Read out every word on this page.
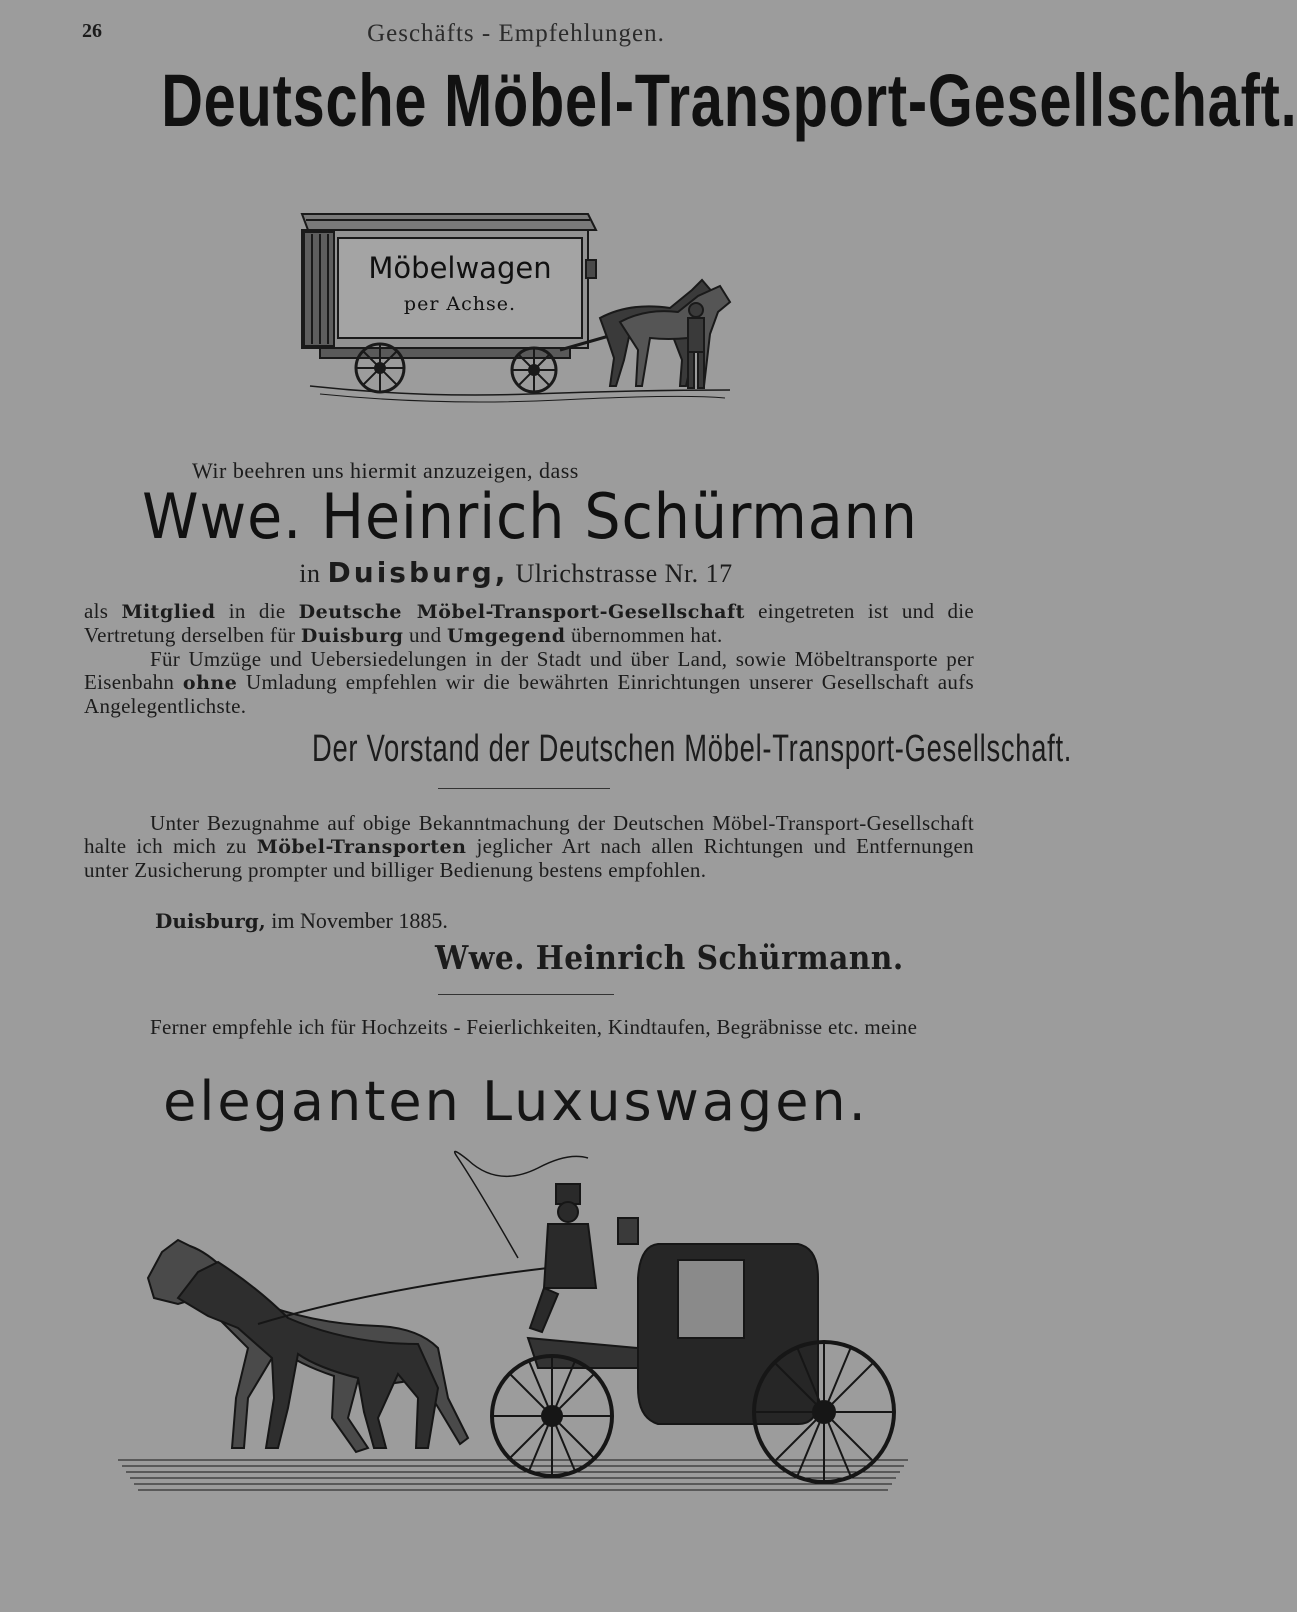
26	Geschäfts - Empfehlungen.
Deutsche Möbel-Transport-Gesellschaft.
Möbelwagen
per Achse.
Wir beehren uns hiermit anzuzeigen, dass
Wwe. Heinrich Schürmann
in Duisburg, Ulrichstrasse Nr. 17
als Mitglied in die Deutsche Möbel-Transport-Gesellschaft eingetreten ist und die Vertretung derselben für Duisburg und Umgegend übernommen hat.
Für Umzüge und Uebersiedelungen in der Stadt und über Land, sowie Möbeltransporte per Eisenbahn ohne Umladung empfehlen wir die bewährten Einrichtungen unserer Gesellschaft aufs Angelegentlichste.
Der Vorstand der Deutschen Möbel-Transport-Gesellschaft.
Unter Bezugnahme auf obige Bekanntmachung der Deutschen Möbel-Transport-Gesellschaft halte ich mich zu Möbel-Transporten jeglicher Art nach allen Richtungen und Entfernungen unter Zusicherung prompter und billiger Bedienung bestens empfohlen.
Duisburg, im November 1885.
Wwe. Heinrich Schürmann.
Ferner empfehle ich für Hochzeits - Feierlichkeiten, Kindtaufen, Begräbnisse etc. meine
eleganten Luxuswagen.
